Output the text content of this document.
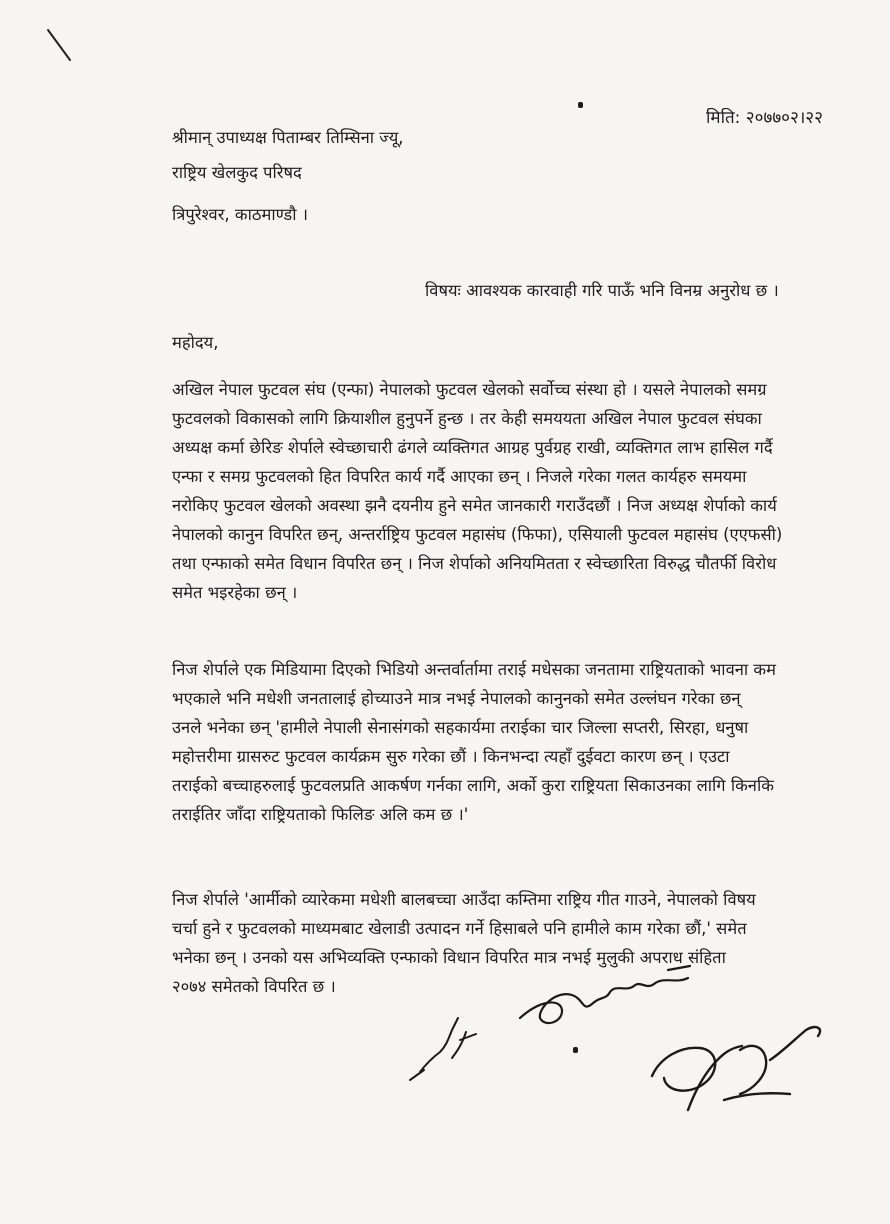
मिति: २०७७०२।२२
श्रीमान् उपाध्यक्ष पिताम्बर तिम्सिना ज्यू,
राष्ट्रिय खेलकुद परिषद
त्रिपुरेश्वर, काठमाण्डौ ।
विषयः आवश्यक कारवाही गरि पाऊँ भनि विनम्र अनुरोध छ ।
महोदय,
अखिल नेपाल फुटवल संघ (एन्फा) नेपालको फुटवल खेलको सर्वोच्च संस्था हो । यसले नेपालको समग्र
फुटवलको विकासको लागि क्रियाशील हुनुपर्ने हुन्छ । तर केही समययता अखिल नेपाल फुटवल संघका
अध्यक्ष कर्मा छेरिङ शेर्पाले स्वेच्छाचारी ढंगले व्यक्तिगत आग्रह पुर्वग्रह राखी, व्यक्तिगत लाभ हासिल गर्दै
एन्फा र समग्र फुटवलको हित विपरित कार्य गर्दै आएका छन् । निजले गरेका गलत कार्यहरु समयमा
नरोकिए फुटवल खेलको अवस्था झनै दयनीय हुने समेत जानकारी गराउँदछौं । निज अध्यक्ष शेर्पाको कार्य
नेपालको कानुन विपरित छन्, अन्तर्राष्ट्रिय फुटवल महासंघ (फिफा), एसियाली फुटवल महासंघ (एएफसी)
तथा एन्फाको समेत विधान विपरित छन् । निज शेर्पाको अनियमितता र स्वेच्छारिता विरुद्ध चौतर्फी विरोध
समेत भइरहेका छन् ।
निज शेर्पाले एक मिडियामा दिएको भिडियो अन्तर्वार्तामा तराई मधेसका जनतामा राष्ट्रियताको भावना कम
भएकाले भनि मधेशी जनतालाई होच्याउने मात्र नभई नेपालको कानुनको समेत उल्लंघन गरेका छन्
उनले भनेका छन् 'हामीले नेपाली सेनासंगको सहकार्यमा तराईका चार जिल्ला सप्तरी, सिरहा, धनुषा
महोत्तरीमा ग्रासरुट फुटवल कार्यक्रम सुरु गरेका छौं । किनभन्दा त्यहाँ दुईवटा कारण छन् । एउटा
तराईको बच्चाहरुलाई फुटवलप्रति आकर्षण गर्नका लागि, अर्को कुरा राष्ट्रियता सिकाउनका लागि किनकि
तराईतिर जाँदा राष्ट्रियताको फिलिङ अलि कम छ ।'
निज शेर्पाले 'आर्मीको व्यारेकमा मधेशी बालबच्चा आउँदा कम्तिमा राष्ट्रिय गीत गाउने, नेपालको विषय
चर्चा हुने र फुटवलको माध्यमबाट खेलाडी उत्पादन गर्ने हिसाबले पनि हामीले काम गरेका छौं,' समेत
भनेका छन् । उनको यस अभिव्यक्ति एन्फाको विधान विपरित मात्र नभई मुलुकी अपराध संहिता
२०७४ समेतको विपरित छ ।
